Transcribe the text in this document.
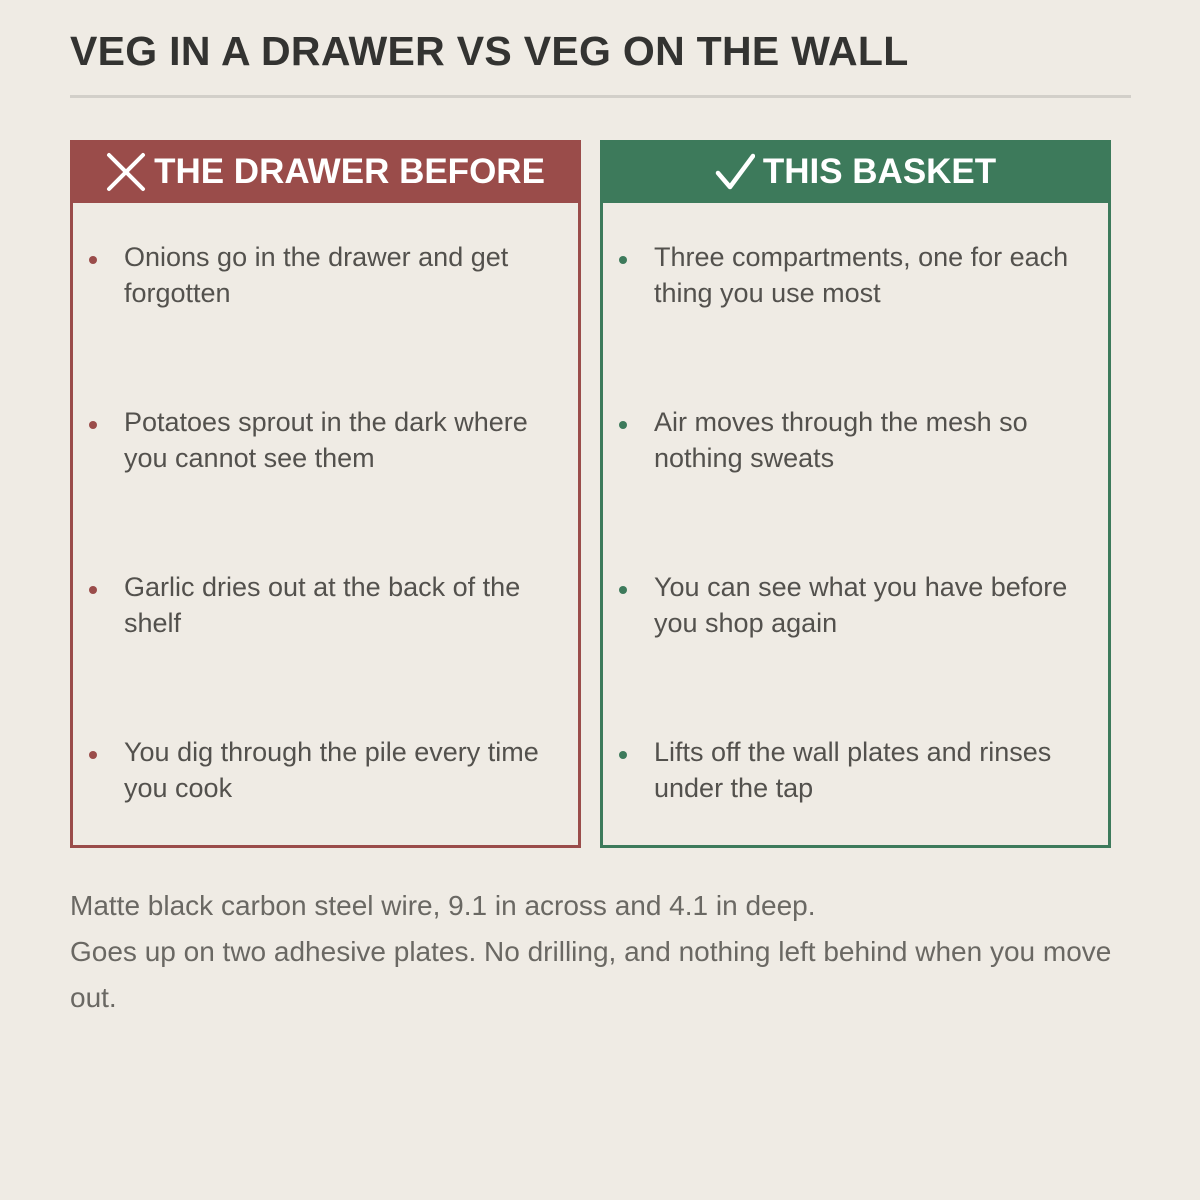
VEG IN A DRAWER VS VEG ON THE WALL
THE DRAWER BEFORE
Onions go in the drawer and get forgotten
Potatoes sprout in the dark where you cannot see them
Garlic dries out at the back of the shelf
You dig through the pile every time you cook
THIS BASKET
Three compartments, one for each thing you use most
Air moves through the mesh so nothing sweats
You can see what you have before you shop again
Lifts off the wall plates and rinses under the tap

Matte black carbon steel wire, 9.1 in across and 4.1 in deep.

Goes up on two adhesive plates. No drilling, and nothing left behind when you move out.
